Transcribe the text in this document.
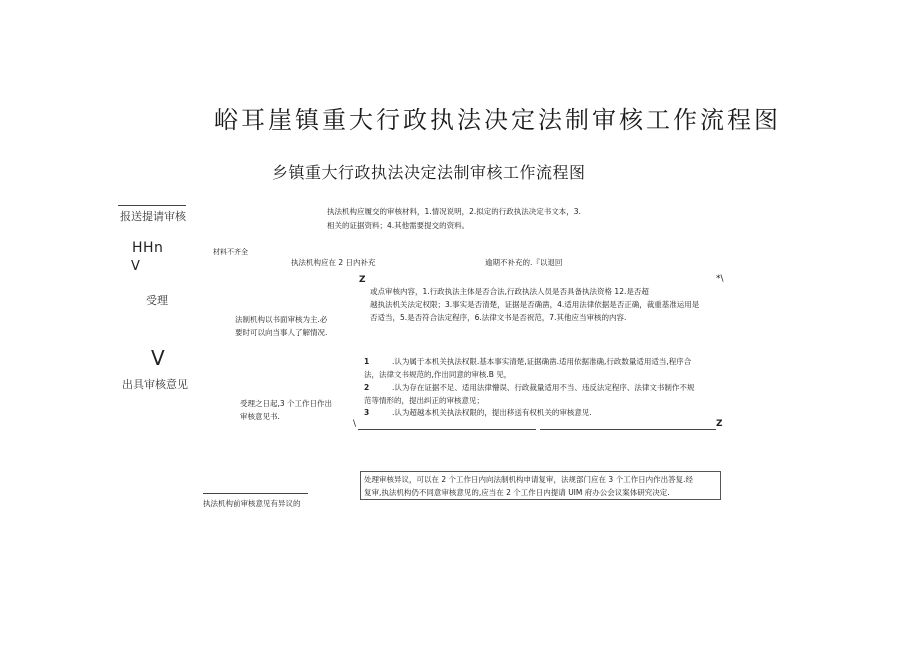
峪耳崖镇重大行政执法决定法制审核工作流程图
乡镇重大行政执法决定法制审核工作流程图
报送提请审核
HHn
V
受理
V
出具审核意见
执法机构应履交的审核材料，1.情况说明，2.拟定的行政执法决定书文本，3.
相关的证据资料；4.其他需要提交的资料。
材料不齐全
执法机构应在 2 日内补充	逾期不补充的.『以退回
Z	*\
或点审核内容，1.行政执法主体是否合法,行政执法人员是否具备执法资格 12.是否超
越执法机关法定权限；3.事实是否清楚，证据是否确凿，4.适用法律依据是否正确，裁重基准运用是
否适当，5.是否符合法定程序，6.法律文书是否祝范，7.其他应当审核的内容.
法制机构以书面审核为主.必要时可以向当事人了解情况.
1	.认为属于本机关执法权限.基本事实清楚,证据确凿.适用依据准确,行政数量适用适当,程序合
法，法律文书规范的,作出同意的审核.B 见，
2	.认为存在证据不足、适用法律懵误、行政裁量适用不当、违反法定程序、法律文书制作不规
范等情形的，提出纠正的审核意见；
3	.认为超越本机关执法权限的，提出移送有权机关的审核意见.
受理之日起,3 个工作日作出审核意见书.
\	Z
处理审核异议，可以在 2 个工作日内向法制机构申请复审，法规部门应在 3 个工作日内作出答复.经
复审,执法机构仍不同意审核意见的,应当在 2 个工作日内提请 UIM 府办公会议案体研究决定.
执法机构前审核意见有异议的
